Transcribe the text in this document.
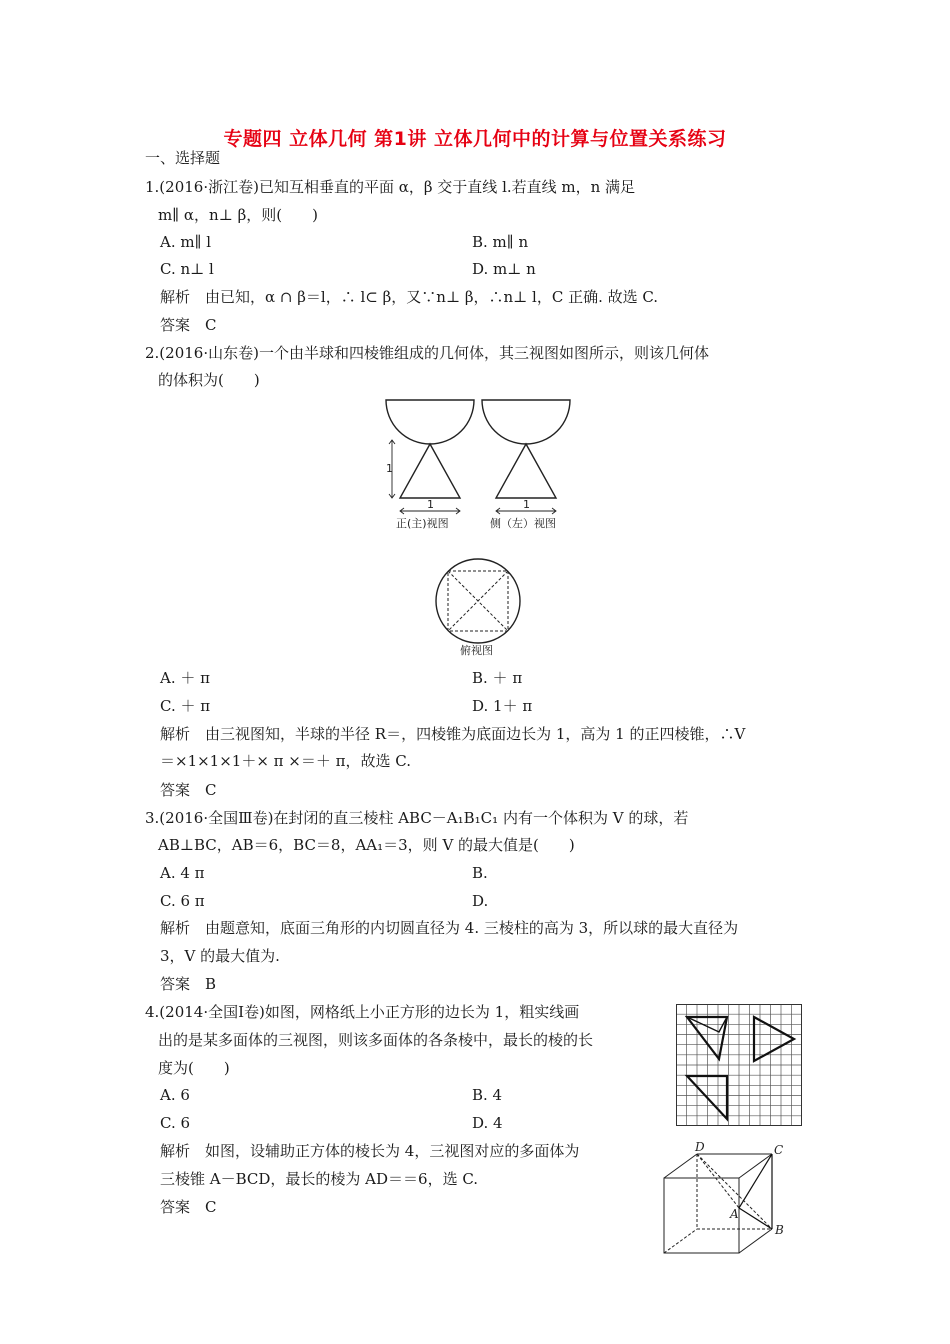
专题四 立体几何 第1讲 立体几何中的计算与位置关系练习
一、选择题
1.(2016·浙江卷)已知互相垂直的平面 α，β 交于直线 l.若直线 m，n 满足
m∥ α，n⊥ β，则(　　)
A. m∥ l	B. m∥ n
C. n⊥ l	D. m⊥ n
解析　由已知，α ∩ β＝l，∴ l⊂ β，又∵n⊥ β，∴n⊥ l，C 正确. 故选 C.
答案　C
2.(2016·山东卷)一个由半球和四棱锥组成的几何体，其三视图如图所示，则该几何体
的体积为(　　)
1
1
正(主)视图
1
侧（左）视图
俯视图
A. ＋ π	B. ＋ π
C. ＋ π	D. 1＋ π
解析　由三视图知，半球的半径 R＝，四棱锥为底面边长为 1，高为 1 的正四棱锥，∴V
＝×1×1×1＋× π ×＝＋ π，故选 C.
答案　C
3.(2016·全国Ⅲ卷)在封闭的直三棱柱 ABC－A₁B₁C₁ 内有一个体积为 V 的球，若
AB⊥BC，AB＝6，BC＝8，AA₁＝3，则 V 的最大值是(　　)
A. 4 π	B.
C. 6 π	D.
解析　由题意知，底面三角形的内切圆直径为 4. 三棱柱的高为 3，所以球的最大直径为
3，V 的最大值为.
答案　B
4.(2014·全国Ⅰ卷)如图，网格纸上小正方形的边长为 1，粗实线画
出的是某多面体的三视图，则该多面体的各条棱中，最长的棱的长
度为(　　)
A. 6	B. 4
C. 6	D. 4
解析　如图，设辅助正方体的棱长为 4，三视图对应的多面体为
三棱锥 A－BCD，最长的棱为 AD＝＝6，选 C.
答案　C
D	C
A
B
